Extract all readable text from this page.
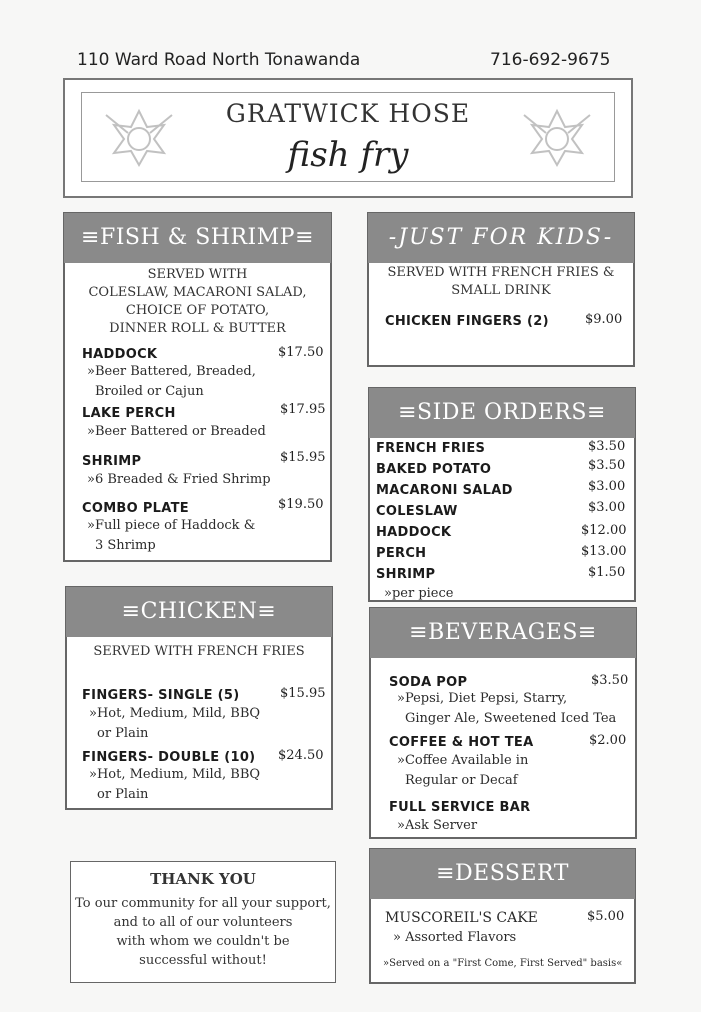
110 Ward Road North Tonawanda	716-692-9675
GRATWICK HOSE
fish fry
≡FISH & SHRIMP≡
SERVED WITH
COLESLAW, MACARONI SALAD,
CHOICE OF POTATO,
DINNER ROLL & BUTTER
HADDOCK	$17.50
»Beer Battered, Breaded,
Broiled or Cajun
LAKE PERCH	$17.95
»Beer Battered or Breaded
SHRIMP	$15.95
»6 Breaded & Fried Shrimp
COMBO PLATE	$19.50
»Full piece of Haddock &
3 Shrimp
-JUST FOR KIDS-
SERVED WITH FRENCH FRIES &
SMALL DRINK
CHICKEN FINGERS (2)	$9.00
≡SIDE ORDERS≡
FRENCH FRIES	$3.50
BAKED POTATO	$3.50
MACARONI SALAD	$3.00
COLESLAW	$3.00
HADDOCK	$12.00
PERCH	$13.00
SHRIMP	$1.50
»per piece
≡CHICKEN≡
SERVED WITH FRENCH FRIES
FINGERS- SINGLE (5)	$15.95
»Hot, Medium, Mild, BBQ
or Plain
FINGERS- DOUBLE (10) $24.50
»Hot, Medium, Mild, BBQ
or Plain
≡BEVERAGES≡
SODA POP	$3.50
»Pepsi, Diet Pepsi, Starry,
Ginger Ale, Sweetened Iced Tea
COFFEE & HOT TEA	$2.00
»Coffee Available in
Regular or Decaf
FULL SERVICE BAR
»Ask Server
THANK YOU
To our community for all your support,
and to all of our volunteers
with whom we couldn't be
successful without!
≡DESSERT
MUSCOREIL'S CAKE	$5.00
» Assorted Flavors
»Served on a "First Come, First Served" basis«
